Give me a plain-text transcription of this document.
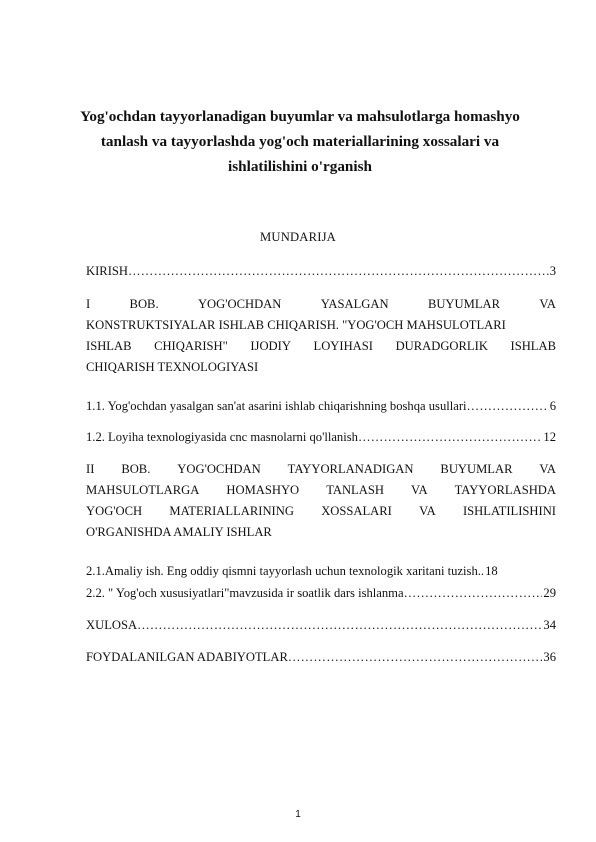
Yog'ochdan tayyorlanadigan buyumlar va mahsulotlarga homashyo
tanlash va tayyorlashda yog'och materiallarining xossalari va
ishlatilishini o'rganish
MUNDARIJA
KIRISH ………………………………………………………………………………………………………………………………………………	3
I	BOB.	YOG'OCHDAN	YASALGAN	BUYUMLAR	VA
KONSTRUKTSIYALAR ISHLAB CHIQARISH. "YOG'OCH MAHSULOTLARI
ISHLAB CHIQARISH" IJODIY LOYIHASI DURADGORLIK ISHLAB
CHIQARISH TEXNOLOGIYASI
1.1. Yog'ochdan yasalgan san'at asarini ishlab chiqarishning boshqa usullari ………………………………………………………………………………………………………………………………………………	6
1.2. Loyiha texnologiyasida cnc masnolarni qo'llanish ………………………………………………………………………………………………………………………………………………	12
II BOB. YOG'OCHDAN TAYYORLANADIGAN BUYUMLAR VA
MAHSULOTLARGA HOMASHYO TANLASH VA TAYYORLASHDA
YOG'OCH MATERIALLARINING XOSSALARI VA ISHLATILISHINI
O'RGANISHDA AMALIY ISHLAR
2.1.Amaliy ish. Eng oddiy qismni tayyorlash uchun texnologik xaritani tuzish.. 18
2.2. " Yog'och xususiyatlari"mavzusida ir soatlik dars ishlanma ………………………………………………………………………………………………………………………………………………	29
XULOSA ………………………………………………………………………………………………………………………………………………	34
FOYDALANILGAN ADABIYOTLAR ………………………………………………………………………………………………………………………………………………	36
1
